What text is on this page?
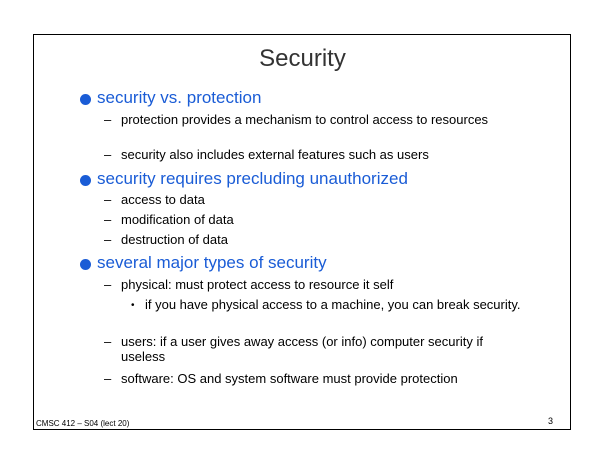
Security
security vs. protection
– protection provides a mechanism to control access to resources
– security also includes external features such as users
security requires precluding unauthorized
– access to data
– modification of data
– destruction of data
several major types of security
– physical: must protect access to resource it self
• if you have physical access to a machine, you can break security.
– users: if a user gives away access (or info) computer security if useless
– software: OS and system software must provide protection
CMSC 412 – S04 (lect 20)	3
